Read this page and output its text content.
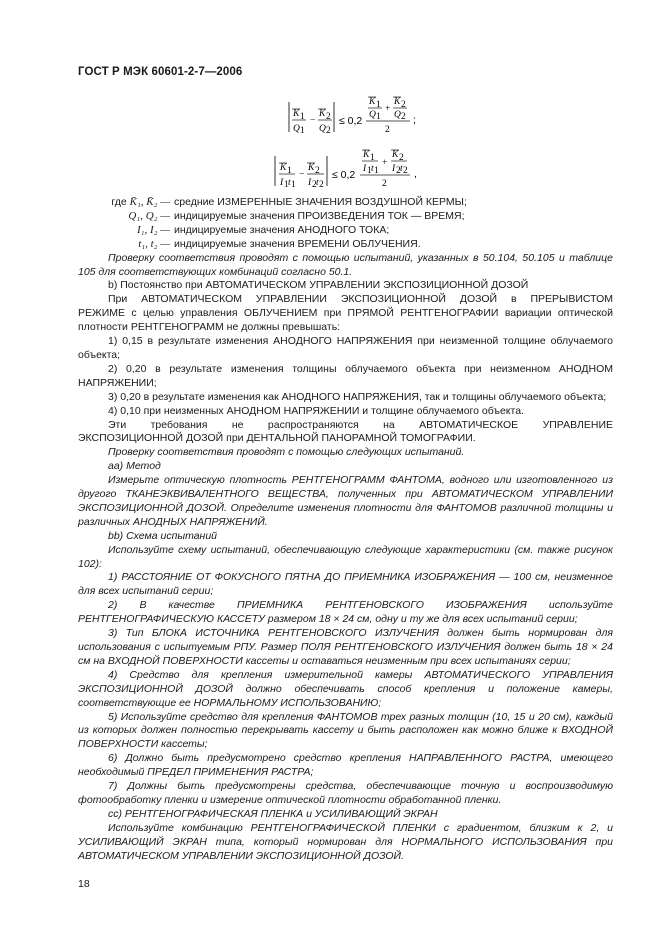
ГОСТ Р МЭК 60601-2-7—2006
K 1
Q 1
−
K 2
Q 2
≤ 0,2
K 1
Q 1
+
K 2
Q 2
2
;
K 1
I 1 t 1
−
K 2
I 2 t 2
≤ 0,2
K 1
I 1 t 1
+
K 2
I 2 t 2
2
,
где K̄₁, K̄₂ — средние ИЗМЕРЕННЫЕ ЗНАЧЕНИЯ ВОЗДУШНОЙ КЕРМЫ;
Q₁, Q₂ — индицируемые значения ПРОИЗВЕДЕНИЯ ТОК — ВРЕМЯ;
I₁, I₂ — индицируемые значения АНОДНОГО ТОКА;
t₁, t₂ — индицируемые значения ВРЕМЕНИ ОБЛУЧЕНИЯ.

Проверку соответствия проводят с помощью испытаний, указанных в 50.104, 50.105 и таблице 105 для соответствующих комбинаций согласно 50.1.

b) Постоянство при АВТОМАТИЧЕСКОМ УПРАВЛЕНИИ ЭКСПОЗИЦИОННОЙ ДОЗОЙ

При АВТОМАТИЧЕСКОМ УПРАВЛЕНИИ ЭКСПОЗИЦИОННОЙ ДОЗОЙ в ПРЕРЫВИСТОМ

РЕЖИМЕ с целью управления ОБЛУЧЕНИЕМ при ПРЯМОЙ РЕНТГЕНОГРАФИИ вариации оптической плотности РЕНТГЕНОГРАММ не должны превышать:

1) 0,15 в результате изменения АНОДНОГО НАПРЯЖЕНИЯ при неизменной толщине облучаемого объекта;

2) 0,20 в результате изменения толщины облучаемого объекта при неизменном АНОДНОМ НАПРЯЖЕНИИ;

3) 0,20 в результате изменения как АНОДНОГО НАПРЯЖЕНИЯ, так и толщины облучаемого объекта;

4) 0,10 при неизменных АНОДНОМ НАПРЯЖЕНИИ и толщине облучаемого объекта.

Эти требования не распространяются на АВТОМАТИЧЕСКОЕ УПРАВЛЕНИЕ

ЭКСПОЗИЦИОННОЙ ДОЗОЙ при ДЕНТАЛЬНОЙ ПАНОРАМНОЙ ТОМОГРАФИИ.

Проверку соответствия проводят с помощью следующих испытаний.

aa) Метод

Измерьте оптическую плотность РЕНТГЕНОГРАММ ФАНТОМА, водного или изготовленного из другого ТКАНЕЭКВИВАЛЕНТНОГО ВЕЩЕСТВА, полученных при АВТОМАТИЧЕСКОМ УПРАВЛЕНИИ ЭКСПОЗИЦИОННОЙ ДОЗОЙ. Определите изменения плотности для ФАНТОМОВ различной толщины и различных АНОДНЫХ НАПРЯЖЕНИЙ.

bb) Схема испытаний

Используйте схему испытаний, обеспечивающую следующие характеристики (см. также рисунок 102):

1) РАССТОЯНИЕ ОТ ФОКУСНОГО ПЯТНА ДО ПРИЕМНИКА ИЗОБРАЖЕНИЯ — 100 см, неизменное для всех испытаний серии;

2) В качестве ПРИЕМНИКА РЕНТГЕНОВСКОГО ИЗОБРАЖЕНИЯ используйте РЕНТГЕНОГРАФИЧЕСКУЮ КАССЕТУ размером 18 × 24 см, одну и ту же для всех испытаний серии;

3) Тип БЛОКА ИСТОЧНИКА РЕНТГЕНОВСКОГО ИЗЛУЧЕНИЯ должен быть нормирован для использования с испытуемым РПУ. Размер ПОЛЯ РЕНТГЕНОВСКОГО ИЗЛУЧЕНИЯ должен быть 18 × 24 см на ВХОДНОЙ ПОВЕРХНОСТИ кассеты и оставаться неизменным при всех испытаниях серии;

4) Средство для крепления измерительной камеры АВТОМАТИЧЕСКОГО УПРАВЛЕНИЯ ЭКСПОЗИЦИОННОЙ ДОЗОЙ должно обеспечивать способ крепления и положение камеры, соответствующие ее НОРМАЛЬНОМУ ИСПОЛЬЗОВАНИЮ;

5) Используйте средство для крепления ФАНТОМОВ трех разных толщин (10, 15 и 20 см), каждый из которых должен полностью перекрывать кассету и быть расположен как можно ближе к ВХОДНОЙ ПОВЕРХНОСТИ кассеты;

6) Должно быть предусмотрено средство крепления НАПРАВЛЕННОГО РАСТРА, имеющего необходимый ПРЕДЕЛ ПРИМЕНЕНИЯ РАСТРА;

7) Должны быть предусмотрены средства, обеспечивающие точную и воспроизводимую фотообработку пленки и измерение оптической плотности обработанной пленки.

cc) РЕНТГЕНОГРАФИЧЕСКАЯ ПЛЕНКА и УСИЛИВАЮЩИЙ ЭКРАН

Используйте комбинацию РЕНТГЕНОГРАФИЧЕСКОЙ ПЛЕНКИ с градиентом, близким к 2, и УСИЛИВАЮЩИЙ ЭКРАН типа, который нормирован для НОРМАЛЬНОГО ИСПОЛЬЗОВАНИЯ при АВТОМАТИЧЕСКОМ УПРАВЛЕНИИ ЭКСПОЗИЦИОННОЙ ДОЗОЙ.

18
